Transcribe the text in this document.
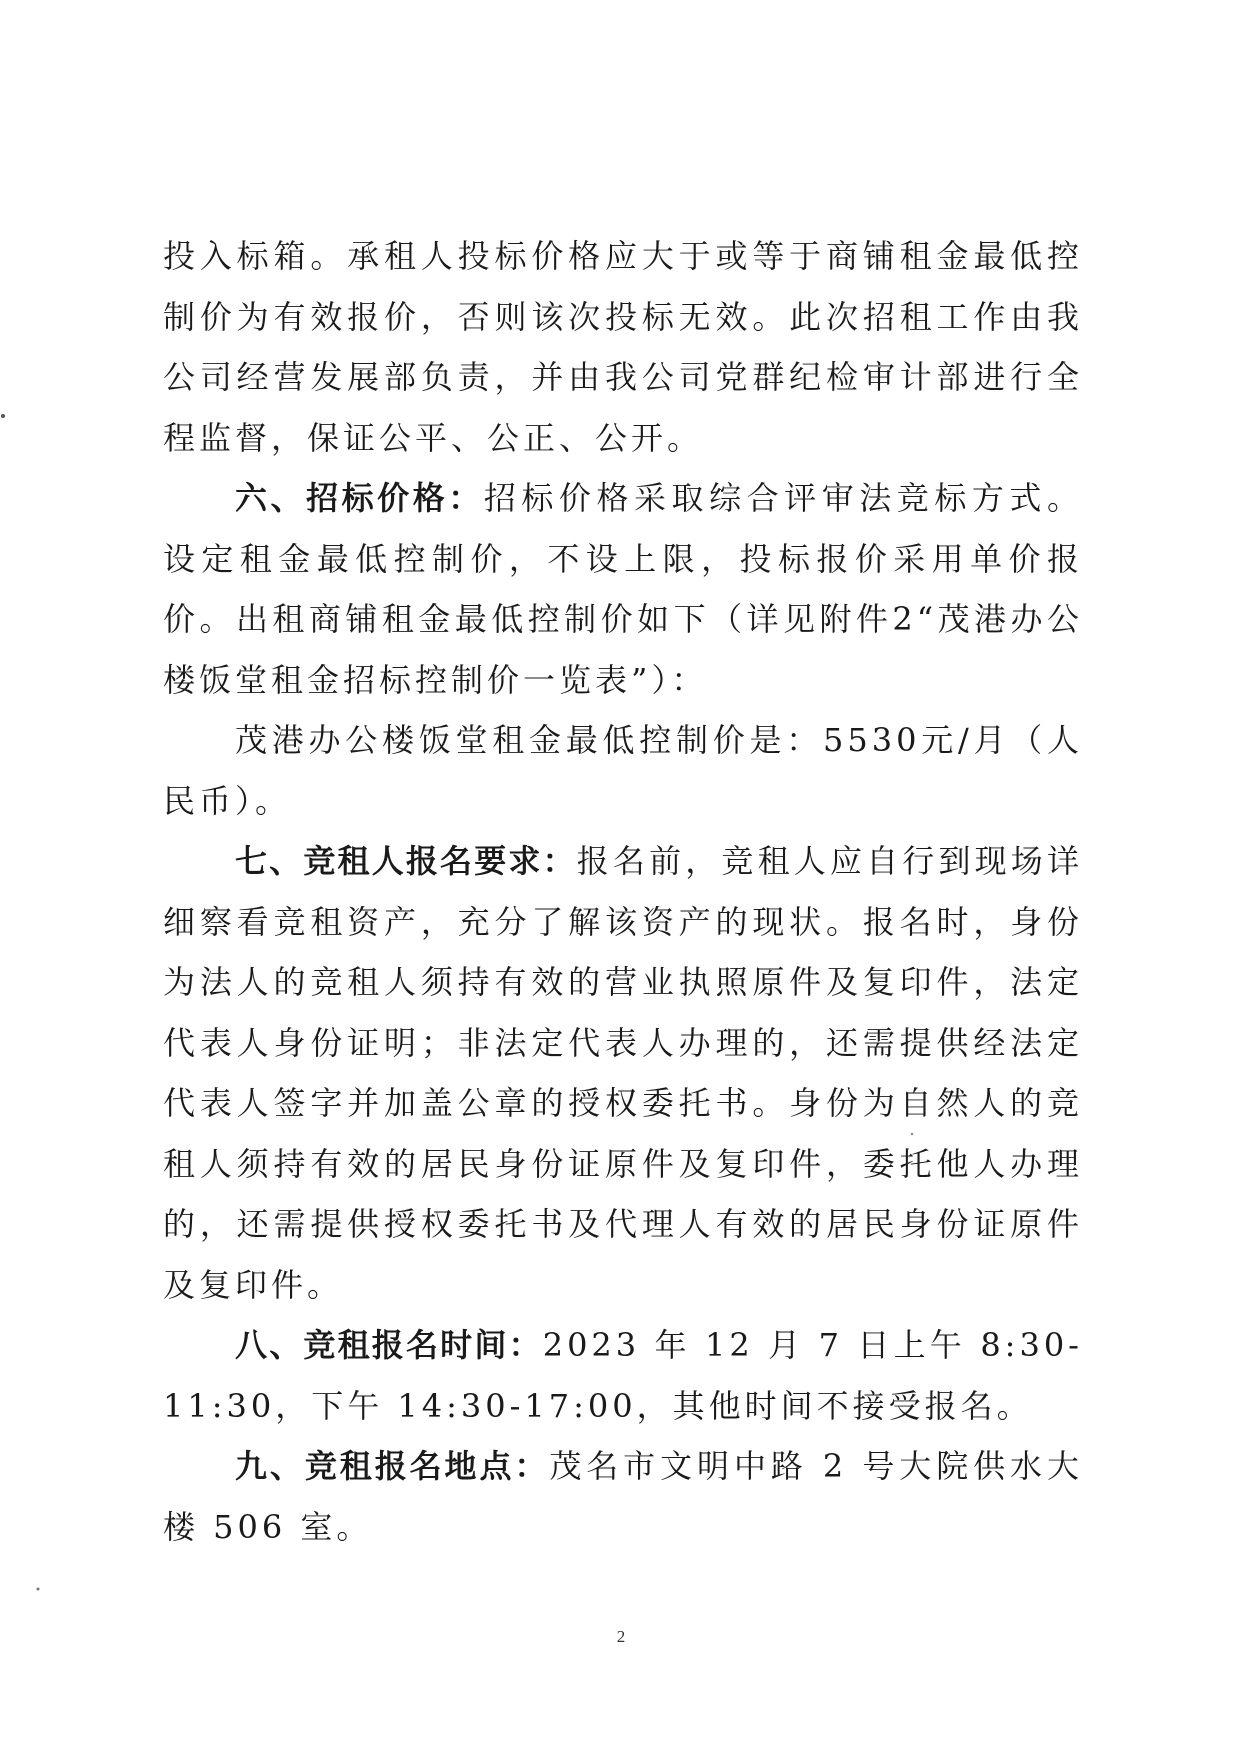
投入标箱。承租人投标价格应大于或等于商铺租金最低控制价为有效报价，否则该次投标无效。此次招租工作由我公司经营发展部负责，并由我公司党群纪检审计部进行全程监督，保证公平、公正、公开。

六、招标价格：招标价格采取综合评审法竞标方式。设定租金最低控制价，不设上限，投标报价采用单价报价。出租商铺租金最低控制价如下（详见附件2“茂港办公楼饭堂租金招标控制价一览表”）：

茂港办公楼饭堂租金最低控制价是：5530元/月（人民币）。

七、竞租人报名要求：报名前，竞租人应自行到现场详细察看竞租资产，充分了解该资产的现状。报名时，身份为法人的竞租人须持有效的营业执照原件及复印件，法定代表人身份证明；非法定代表人办理的，还需提供经法定代表人签字并加盖公章的授权委托书。身份为自然人的竞租人须持有效的居民身份证原件及复印件，委托他人办理的，还需提供授权委托书及代理人有效的居民身份证原件及复印件。

八、竞租报名时间：2023 年 12 月 7 日上午 8:30-11:30，下午 14:30-17:00，其他时间不接受报名。

九、竞租报名地点：茂名市文明中路 2 号大院供水大楼 506 室。

2
